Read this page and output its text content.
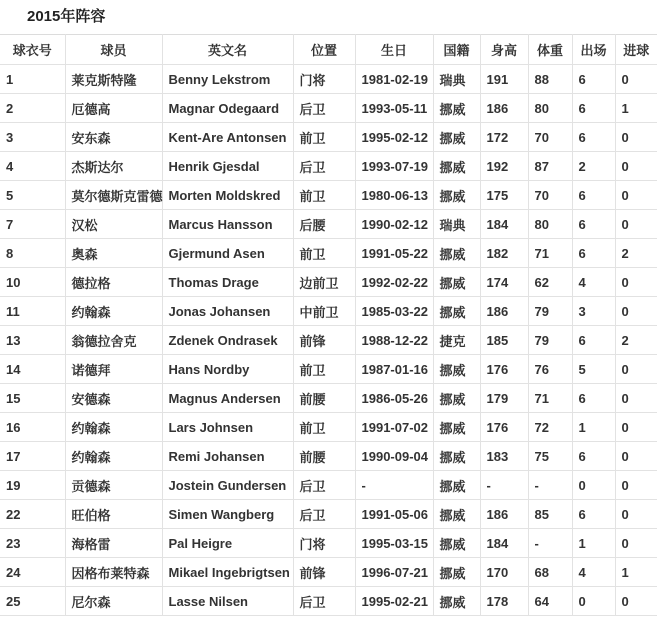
2015年阵容
球衣号	球员	英文名	位置	生日	国籍	身高	体重	出场	进球
1	莱克斯特隆	Benny Lekstrom	门将	1981-02-19	瑞典	191	88	6	0
2	厄德高	Magnar Odegaard	后卫	1993-05-11	挪威	186	80	6	1
3	安东森	Kent-Are Antonsen	前卫	1995-02-12	挪威	172	70	6	0
4	杰斯达尔	Henrik Gjesdal	后卫	1993-07-19	挪威	192	87	2	0
5	莫尔德斯克雷德	Morten Moldskred	前卫	1980-06-13	挪威	175	70	6	0
7	汉松	Marcus Hansson	后腰	1990-02-12	瑞典	184	80	6	0
8	奥森	Gjermund Asen	前卫	1991-05-22	挪威	182	71	6	2
10	德拉格	Thomas Drage	边前卫	1992-02-22	挪威	174	62	4	0
11	约翰森	Jonas Johansen	中前卫	1985-03-22	挪威	186	79	3	0
13	翁德拉舍克	Zdenek Ondrasek	前锋	1988-12-22	捷克	185	79	6	2
14	诺德拜	Hans Nordby	前卫	1987-01-16	挪威	176	76	5	0
15	安德森	Magnus Andersen	前腰	1986-05-26	挪威	179	71	6	0
16	约翰森	Lars Johnsen	前卫	1991-07-02	挪威	176	72	1	0
17	约翰森	Remi Johansen	前腰	1990-09-04	挪威	183	75	6	0
19	贡德森	Jostein Gundersen	后卫	-	挪威	-	-	0	0
22	旺伯格	Simen Wangberg	后卫	1991-05-06	挪威	186	85	6	0
23	海格雷	Pal Heigre	门将	1995-03-15	挪威	184	-	1	0
24	因格布莱特森	Mikael Ingebrigtsen	前锋	1996-07-21	挪威	170	68	4	1
25	尼尔森	Lasse Nilsen	后卫	1995-02-21	挪威	178	64	0	0
